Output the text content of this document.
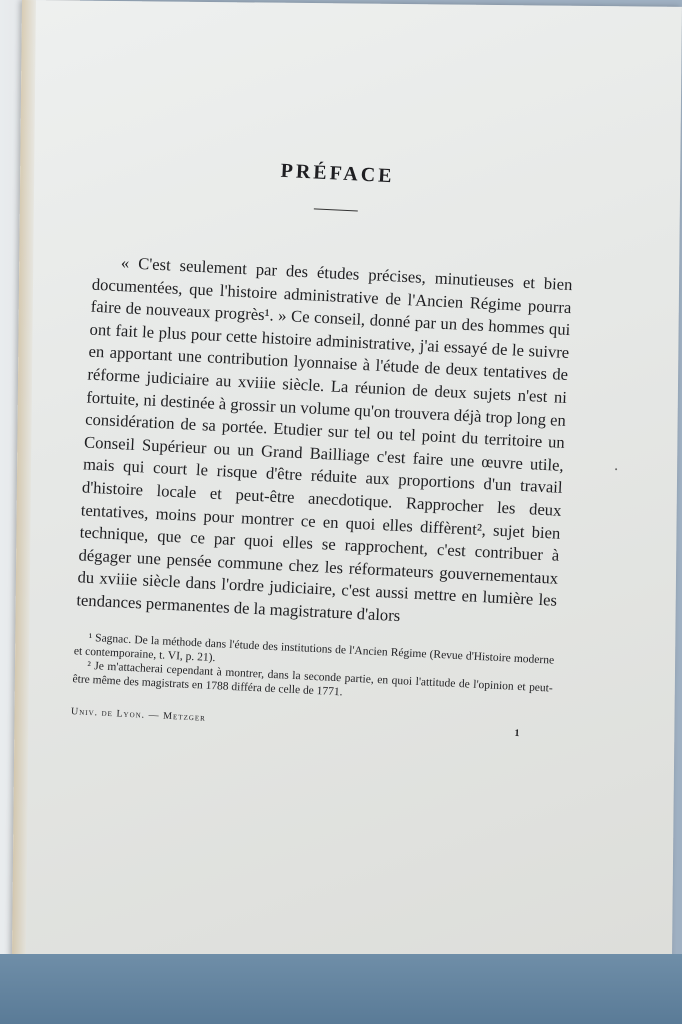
PRÉFACE

« C'est seulement par des études précises, minutieuses et bien documentées, que l'histoire administrative de l'Ancien Régime pourra faire de nouveaux progrès¹. » Ce conseil, donné par un des hommes qui ont fait le plus pour cette histoire administrative, j'ai essayé de le suivre en apportant une contribution lyonnaise à l'étude de deux tentatives de réforme judiciaire au xviiie siècle. La réunion de deux sujets n'est ni fortuite, ni destinée à grossir un volume qu'on trouvera déjà trop long en considération de sa portée. Etudier sur tel ou tel point du territoire un Conseil Supérieur ou un Grand Bailliage c'est faire une œuvre utile, mais qui court le risque d'être réduite aux proportions d'un travail d'histoire locale et peut-être anecdotique. Rapprocher les deux tentatives, moins pour montrer ce en quoi elles diffèrent², sujet bien technique, que ce par quoi elles se rapprochent, c'est contribuer à dégager une pensée commune chez les réformateurs gouvernementaux du xviiie siècle dans l'ordre judiciaire, c'est aussi mettre en lumière les tendances permanentes de la magistrature d'alors

¹ Sagnac. De la méthode dans l'étude des institutions de l'Ancien Régime (Revue d'Histoire moderne et contemporaine, t. VI, p. 21).

² Je m'attacherai cependant à montrer, dans la seconde partie, en quoi l'attitude de l'opinion et peut-être même des magistrats en 1788 différa de celle de 1771.

Univ. de Lyon. — Metzger
1
